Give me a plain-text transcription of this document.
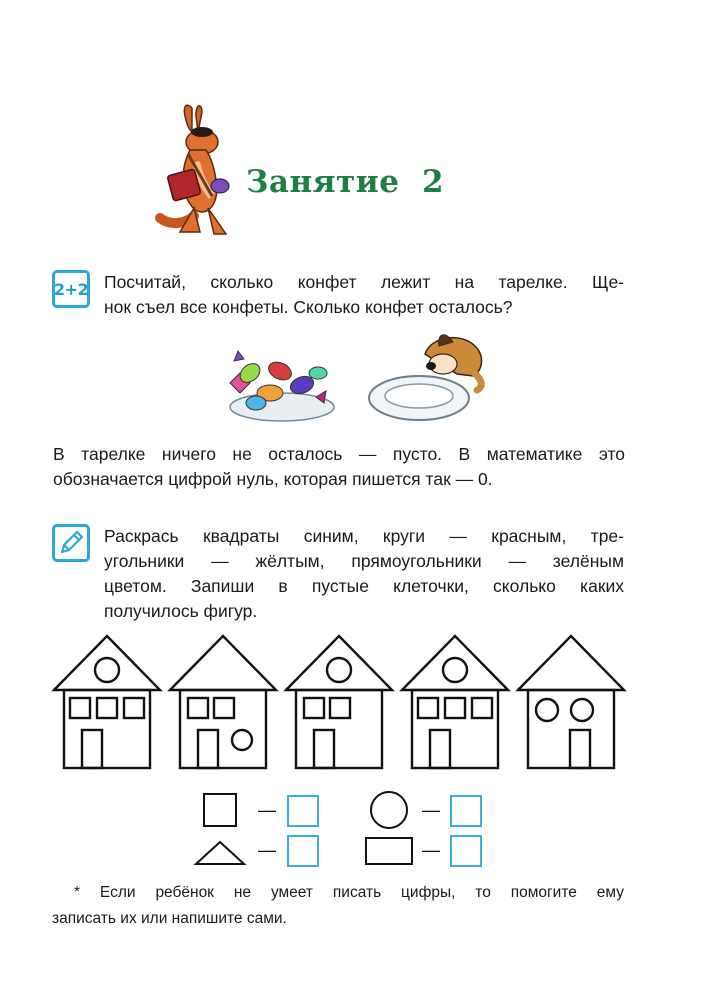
Занятие  2
2+2 Посчитай, сколько конфет лежит на тарелке. Ще-
нок съел все конфеты. Сколько конфет осталось?
В тарелке ничего не осталось — пусто. В математике это
обозначается цифрой нуль, которая пишется так — 0.
Раскрась квадраты синим, круги — красным, тре-
угольники — жёлтым, прямоугольники — зелёным
цветом. Запиши в пустые клеточки, сколько каких
получилось фигур.
—	—
—	—
* Если ребёнок не умеет писать цифры, то помогите ему
записать их или напишите сами.
